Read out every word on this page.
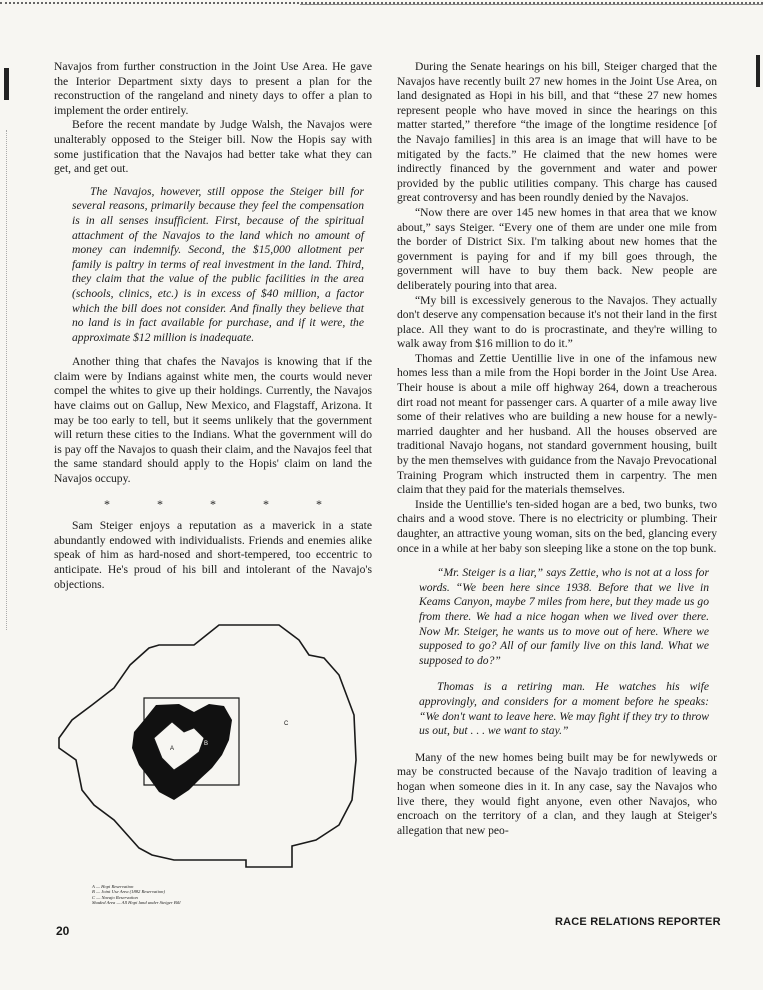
Navajos from further construction in the Joint Use Area. He gave the Interior Department sixty days to present a plan for the reconstruction of the rangeland and ninety days to offer a plan to implement the order entirely.

Before the recent mandate by Judge Walsh, the Navajos were unalterably opposed to the Steiger bill. Now the Hopis say with some justification that the Navajos had better take what they can get, and get out.

The Navajos, however, still oppose the Steiger bill for several reasons, primarily because they feel the compensation is in all senses insufficient. First, because of the spiritual attachment of the Navajos to the land which no amount of money can indemnify. Second, the $15,000 allotment per family is paltry in terms of real investment in the land. Third, they claim that the value of the public facilities in the area (schools, clinics, etc.) is in excess of $40 million, a factor which the bill does not consider. And finally they believe that no land is in fact available for purchase, and if it were, the approximate $12 million is inadequate.

Another thing that chafes the Navajos is knowing that if the claim were by Indians against white men, the courts would never compel the whites to give up their holdings. Currently, the Navajos have claims out on Gallup, New Mexico, and Flagstaff, Arizona. It may be too early to tell, but it seems unlikely that the government will return these cities to the Indians. What the government will do is pay off the Navajos to quash their claim, and the Navajos feel that the same standard should apply to the Hopis' claim on land the Navajos occupy.

* * * * *

Sam Steiger enjoys a reputation as a maverick in a state abundantly endowed with individualists. Friends and enemies alike speak of him as hard-nosed and short-tempered, too eccentric to anticipate. He's proud of his bill and intolerant of the Navajo's objections.

During the Senate hearings on his bill, Steiger charged that the Navajos have recently built 27 new homes in the Joint Use Area, on land designated as Hopi in his bill, and that “these 27 new homes represent people who have moved in since the hearings on this matter started,” therefore “the image of the longtime residence [of the Navajo families] in this area is an image that will have to be mitigated by the facts.” He claimed that the new homes were indirectly financed by the government and water and power provided by the public utilities company. This charge has caused great controversy and has been roundly denied by the Navajos.

“Now there are over 145 new homes in that area that we know about,” says Steiger. “Every one of them are under one mile from the border of District Six. I'm talking about new homes that the government is paying for and if my bill goes through, the government will have to buy them back. New people are deliberately pouring into that area.

“My bill is excessively generous to the Navajos. They actually don't deserve any compensation because it's not their land in the first place. All they want to do is procrastinate, and they're willing to walk away from $16 million to do it.”

Thomas and Zettie Uentillie live in one of the infamous new homes less than a mile from the Hopi border in the Joint Use Area. Their house is about a mile off highway 264, down a treacherous dirt road not meant for passenger cars. A quarter of a mile away live some of their relatives who are building a new house for a newly-married daughter and her husband. All the houses observed are traditional Navajo hogans, not standard government housing, built by the men themselves with guidance from the Navajo Prevocational Training Program which instructed them in carpentry. The men claim that they paid for the materials themselves.

Inside the Uentillie's ten-sided hogan are a bed, two bunks, two chairs and a wood stove. There is no electricity or plumbing. Their daughter, an attractive young woman, sits on the bed, glancing every once in a while at her baby son sleeping like a stone on the top bunk.

“Mr. Steiger is a liar,” says Zettie, who is not at a loss for words. “We been here since 1938. Before that we live in Keams Canyon, maybe 7 miles from here, but they made us go from there. We had a nice hogan when we lived over there. Now Mr. Steiger, he wants us to move out of here. Where we supposed to go? All of our family live on this land. What we supposed to do?”

Thomas is a retiring man. He watches his wife approvingly, and considers for a moment before he speaks: “We don't want to leave here. We may fight if they try to throw us out, but . . . we want to stay.”

Many of the new homes being built may be for newlyweds or may be constructed because of the Navajo tradition of leaving a hogan when someone dies in it. In any case, say the Navajos who live there, they would fight anyone, even other Navajos, who encroach on the territory of a clan, and they laugh at Steiger's allegation that new peo-

B
A
C
A — Hopi Reservation
B — Joint Use Area (1882 Reservation)
C — Navajo Reservation
Shaded Area — All Hopi land under Steiger Bill
20
RACE RELATIONS REPORTER
